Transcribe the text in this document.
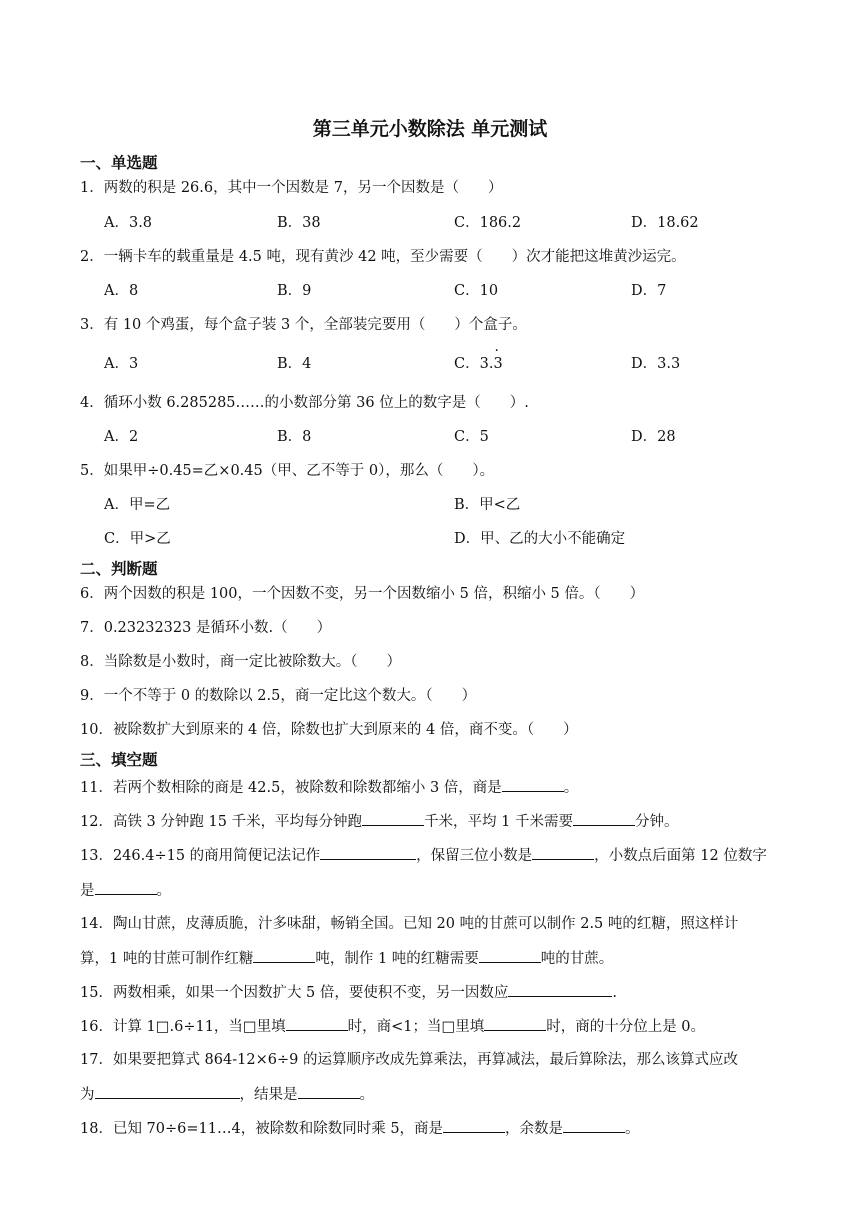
第三单元小数除法 单元测试
一、单选题
1．两数的积是 26.6，其中一个因数是 7，另一个因数是（　　）
A．3.8	B．38	C．186.2	D．18.62
2．一辆卡车的载重量是 4.5 吨，现有黄沙 42 吨，至少需要（　　）次才能把这堆黄沙运完。
A．8	B．9	C．10	D．7
3．有 10 个鸡蛋，每个盒子装 3 个，全部装完要用（　　）个盒子。
A．3	B．4	C．3.· 3	D．3.3
4．循环小数 6.285285……的小数部分第 36 位上的数字是（　　）.
A．2	B．8	C．5	D．28
5．如果甲÷0.45=乙×0.45（甲、乙不等于 0），那么（　　）。
A．甲=乙	B．甲<乙
C．甲>乙	D．甲、乙的大小不能确定
二、判断题
6．两个因数的积是 100，一个因数不变，另一个因数缩小 5 倍，积缩小 5 倍。（　　）
7．0.23232323 是循环小数.（　　）
8．当除数是小数时，商一定比被除数大。（　　）
9．一个不等于 0 的数除以 2.5，商一定比这个数大。（　　）
10．被除数扩大到原来的 4 倍，除数也扩大到原来的 4 倍，商不变。（　　）
三、填空题
11．若两个数相除的商是 42.5，被除数和除数都缩小 3 倍，商是	。
12．高铁 3 分钟跑 15 千米，平均每分钟跑	千米，平均 1 千米需要	分钟。
13．246.4÷15 的商用简便记法记作	，保留三位小数是	，小数点后面第 12 位数字
是	。
14．陶山甘蔗，皮薄质脆，汁多味甜，畅销全国。已知 20 吨的甘蔗可以制作 2.5 吨的红糖，照这样计
算，1 吨的甘蔗可制作红糖	吨，制作 1 吨的红糖需要	吨的甘蔗。
15．两数相乘，如果一个因数扩大 5 倍，要使积不变，另一因数应	.
16．计算 1□.6÷11，当□里填	时，商<1；当□里填	时，商的十分位上是 0。
17．如果要把算式 864-12×6÷9 的运算顺序改成先算乘法，再算减法，最后算除法，那么该算式应改
为	，结果是	。
18．已知 70÷6=11…4，被除数和除数同时乘 5，商是	，余数是	。
